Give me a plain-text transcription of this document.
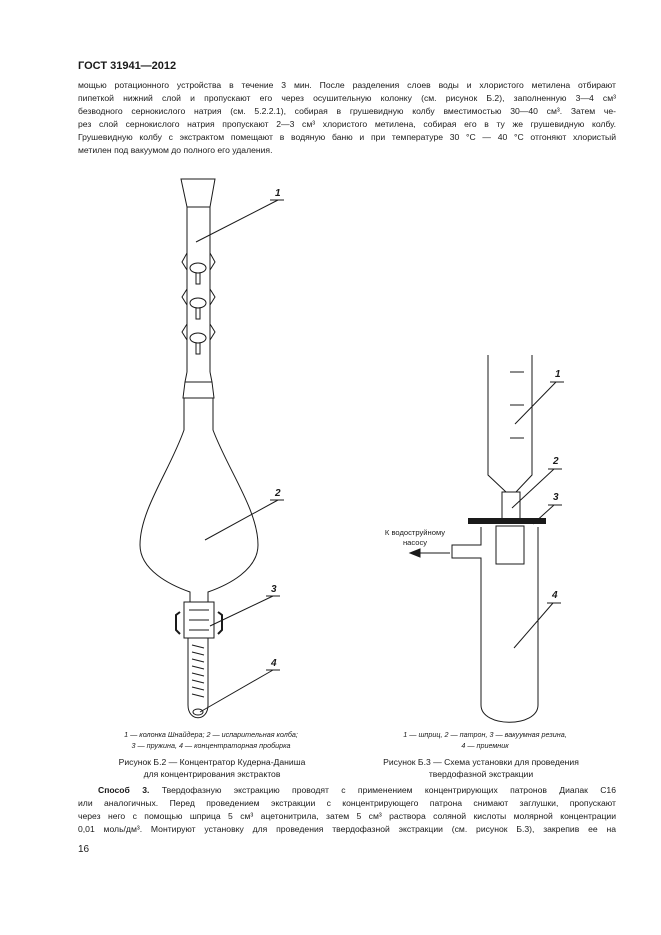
ГОСТ 31941—2012
мощью ротационного устройства в течение 3 мин. После разделения слоев воды и хлористого метилена отбирают
пипеткой нижний слой и пропускают его через осушительную колонку (см. рисунок Б.2), заполненную 3—4 см³
безводного сернокислого натрия (см. 5.2.2.1), собирая в грушевидную колбу вместимостью 30—40 см³. Затем че-
рез слой сернокислого натрия пропускают 2—3 см³ хлористого метилена, собирая его в ту же грушевидную колбу.
Грушевидную колбу с экстрактом помещают в водяную баню и при температуре 30 °С — 40 °С отгоняют хлористый
метилен под вакуумом до полного его удаления.
1
2
3
4
1
2
3
4
К водоструйному
насосу
1 — колонка Шнайдера; 2 — испарительная колба;
3 — пружина, 4 — концентраторная пробирка
Рисунок Б.2 — Концентратор Кудерна-Даниша
для концентрирования экстрактов
1 — шприц, 2 — патрон, 3 — вакуумная резина,
4 — приемник
Рисунок Б.3 — Схема установки для проведения
твердофазной экстракции
Способ 3. Твердофазную экстракцию проводят с применением концентрирующих патронов Диапак С16
или аналогичных. Перед проведением экстракции с концентрирующего патрона снимают заглушки, пропускают
через него с помощью шприца 5 см³ ацетонитрила, затем 5 см³ раствора соляной кислоты молярной концентрации
0,01 моль/дм³. Монтируют установку для проведения твердофазной экстракции (см. рисунок Б.3), закрепив ее на
16
